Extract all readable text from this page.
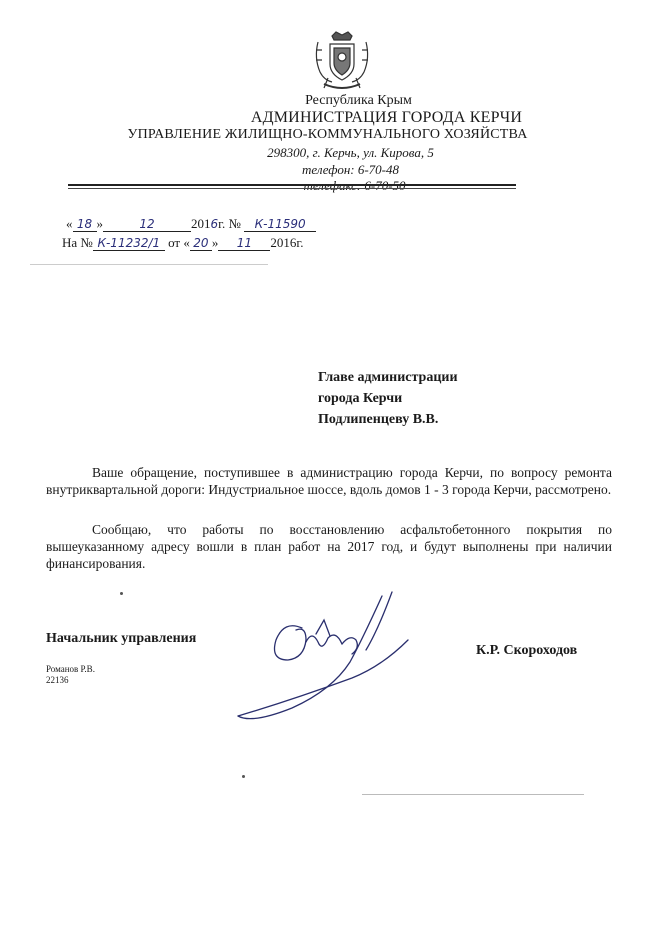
Республика Крым
АДМИНИСТРАЦИЯ ГОРОДА КЕРЧИ
УПРАВЛЕНИЕ ЖИЛИЩНО-КОММУНАЛЬНОГО ХОЗЯЙСТВА
298300, г. Керчь, ул. Кирова, 5
телефон: 6-70-48
« 18 »	12	2016г. № К-11590
На № К-11232/1 от « 20 » 11 2016г.
Главе администрации
города Керчи
Подлипенцеву В.В.
Ваше обращение, поступившее в администрацию города Керчи, по вопросу ремонта внутриквартальной дороги: Индустриальное шоссе, вдоль домов 1 - 3 города Керчи, рассмотрено.
Сообщаю, что работы по восстановлению асфальтобетонного покрытия по вышеуказанному адресу вошли в план работ на 2017 год, и будут выполнены при наличии финансирования.
Начальник управления
К.Р. Скороходов
Романов Р.В.
22136
